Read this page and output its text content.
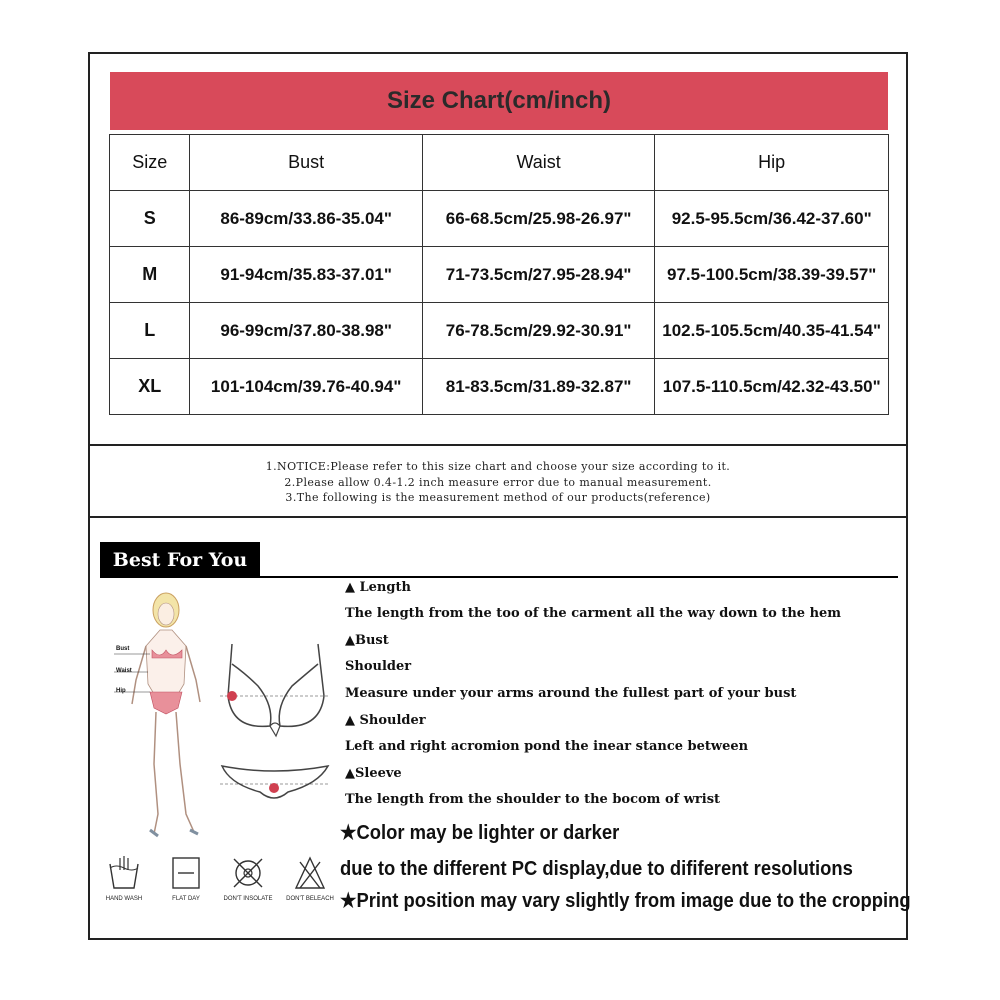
Size Chart(cm/inch)
Size	Bust	Waist	Hip
S	86-89cm/33.86-35.04"	66-68.5cm/25.98-26.97"	92.5-95.5cm/36.42-37.60"
M	91-94cm/35.83-37.01"	71-73.5cm/27.95-28.94"	97.5-100.5cm/38.39-39.57"
L	96-99cm/37.80-38.98"	76-78.5cm/29.92-30.91"	102.5-105.5cm/40.35-41.54"
XL	101-104cm/39.76-40.94"	81-83.5cm/31.89-32.87"	107.5-110.5cm/42.32-43.50"
1.NOTICE:Please refer to this size chart and choose your size according to it.
2.Please allow 0.4-1.2 inch measure error due to manual measurement.
3.The following is the measurement method of our products(reference)
Best For You
Bust
Waist
Hip
▲ Length
The length from the too of the carment all the way down to the hem
▲Bust
Shoulder
Measure under your arms around the fullest part of your bust
▲ Shoulder
Left and right acromion pond the inear stance between
▲Sleeve
The length from the shoulder to the bocom of wrist
★Color may be lighter or darker
due to the different PC display,due to dififerent resolutions
★Print position may vary slightly from image due to the cropping
HAND WASH	FLAT DAY	DON'T INSOLATE	DON'T BELEACH
